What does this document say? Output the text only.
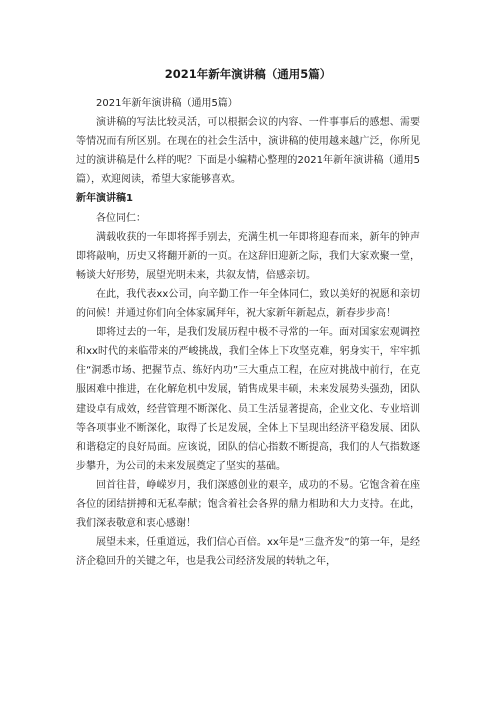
2021年新年演讲稿（通用5篇）

2021年新年演讲稿（通用5篇）

演讲稿的写法比较灵活，可以根据会议的内容、一件事事后的感想、需要等情况而有所区别。在现在的社会生活中，演讲稿的使用越来越广泛，你所见过的演讲稿是什么样的呢？下面是小编精心整理的2021年新年演讲稿（通用5篇），欢迎阅读，希望大家能够喜欢。

新年演讲稿1

各位同仁：

满载收获的一年即将挥手别去，充满生机一年即将迎春而来，新年的钟声即将敲响，历史又将翻开新的一页。在这辞旧迎新之际，我们大家欢聚一堂，畅谈大好形势，展望光明未来，共叙友情，倍感亲切。

在此，我代表xx公司，向辛勤工作一年全体同仁，致以美好的祝愿和亲切的问候！并通过你们向全体家属拜年，祝大家新年新起点，新春步步高！

即将过去的一年，是我们发展历程中极不寻常的一年。面对国家宏观调控和xx时代的来临带来的严峻挑战，我们全体上下攻坚克难，躬身实干，牢牢抓住“洞悉市场、把握节点、练好内功”三大重点工程，在应对挑战中前行，在克服困难中推进，在化解危机中发展，销售成果丰硕，未来发展势头强劲，团队建设卓有成效，经营管理不断深化、员工生活显著提高，企业文化、专业培训等各项事业不断深化，取得了长足发展，全体上下呈现出经济平稳发展、团队和谐稳定的良好局面。应该说，团队的信心指数不断提高，我们的人气指数逐步攀升，为公司的未来发展奠定了坚实的基础。

回首往昔，峥嵘岁月，我们深感创业的艰辛，成功的不易。它饱含着在座各位的团结拼搏和无私奉献；饱含着社会各界的鼎力相助和大力支持。在此，我们深表敬意和衷心感谢！

展望未来，任重道远，我们信心百倍。xx年是“三盘齐发”的第一年，是经济企稳回升的关键之年，也是我公司经济发展的转轨之年，
